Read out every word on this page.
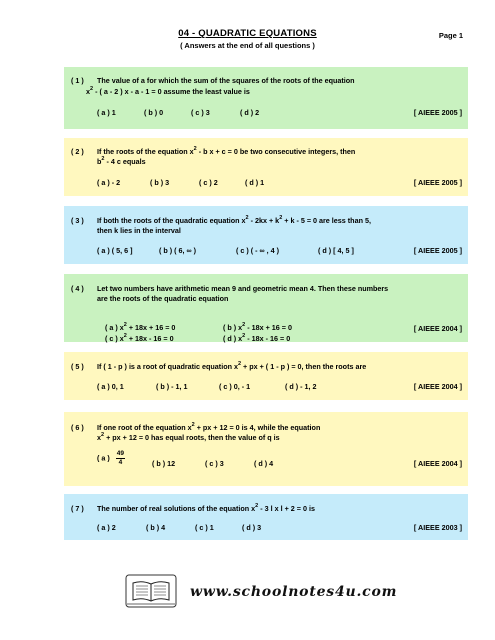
04 - QUADRATIC EQUATIONS
( Answers at the end of all questions )
Page 1
( 1 ) The value of a for which the sum of the squares of the roots of the equation
$x^2$ - ( a - 2 ) x - a - 1 = 0 assume the least value is
( a ) 1	( b ) 0	( c ) 3	( d ) 2	[ AIEEE 2005 ]
( 2 ) If the roots of the equation $x^2$ - b x + c = 0 be two consecutive integers, then
$b^2 - 4$ c equals
( a ) - 2	( b ) 3	( c ) 2	( d ) 1	[ AIEEE 2005 ]
( 3 ) If both the roots of the quadratic equation $x^2 - 2kx + k^2 + k - 5 = 0$ are less than 5,
then k lies in the interval
( a ) ( 5, 6 ]	( b ) ( 6, ∞ )	( c ) ( - ∞ , 4 )	( d ) [ 4, 5 ]	[ AIEEE 2005 ]
( 4 ) Let two numbers have arithmetic mean 9 and geometric mean 4. Then these numbers
are the roots of the quadratic equation

( a ) $x^2 + 18x + 16 = 0$
	( b ) $x^2 - 18x + 16 = 0$

( c ) $x^2 + 18x - 16 = 0$
	( d ) $x^2 - 18x - 16 = 0$

[ AIEEE 2004 ]
( 5 ) If ( 1 - p ) is a root of quadratic equation $x^2$ + px + ( 1 - p ) = 0, then the roots are
( a ) 0, 1	( b ) - 1, 1	( c ) 0, - 1	( d ) - 1, 2	[ AIEEE 2004 ]
( 6 ) If one root of the equation $x^2$ + px + 12 = 0 is 4, while the equation
$x^2$ + px + 12 = 0 has equal roots, then the value of q is
( a ) $\frac{49}{4}$	( b ) 12	( c ) 3	( d ) 4	[ AIEEE 2004 ]
( 7 ) The number of real solutions of the equation $x^2 - 3$ l x l + 2 = 0 is
( a ) 2	( b ) 4	( c ) 1	( d ) 3	[ AIEEE 2003 ]
www.schoolnotes4u.com
